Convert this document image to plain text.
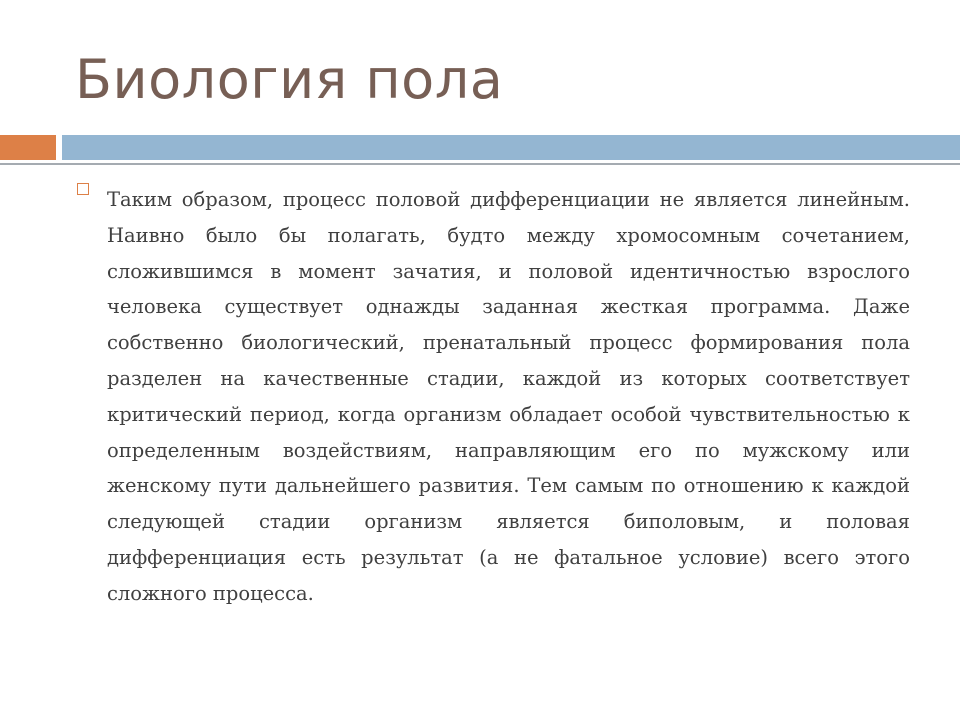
Биология пола

Таким образом, процесс половой дифференциации не является линейным. Наивно было бы полагать, будто между хромосомным сочетанием, сложившимся в момент зачатия, и половой идентичностью взрослого человека существует однажды заданная жесткая программа. Даже собственно биологический, пренатальный процесс формирования пола разделен на качественные стадии, каждой из которых соответствует критический период, когда организм обладает особой чувствительностью к определенным воздействиям, направляющим его по мужскому или женскому пути дальнейшего развития. Тем самым по отношению к каждой следующей стадии организм является биполовым, и половая дифференциация есть результат (а не фатальное условие) всего этого сложного процесса.
